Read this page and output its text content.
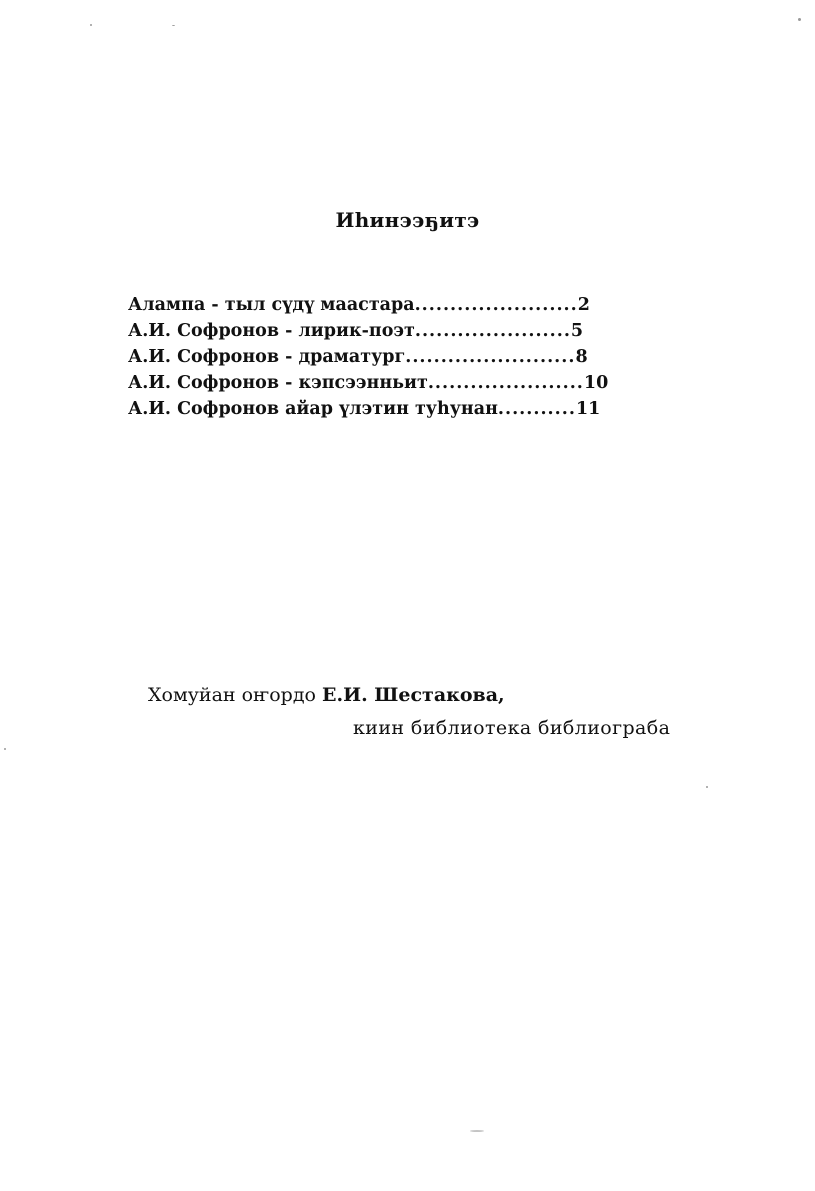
Иһинээҕитэ
Алампа - тыл сүдү маастара.......................2
А.И. Софронов - лирик-поэт......................5
А.И. Софронов - драматург........................8
А.И. Софронов - кэпсээнньит......................10
А.И. Софронов айар үлэтин туһунан...........11
Хомуйан оҥордо Е.И. Шестакова,
киин библиотека библиограба
